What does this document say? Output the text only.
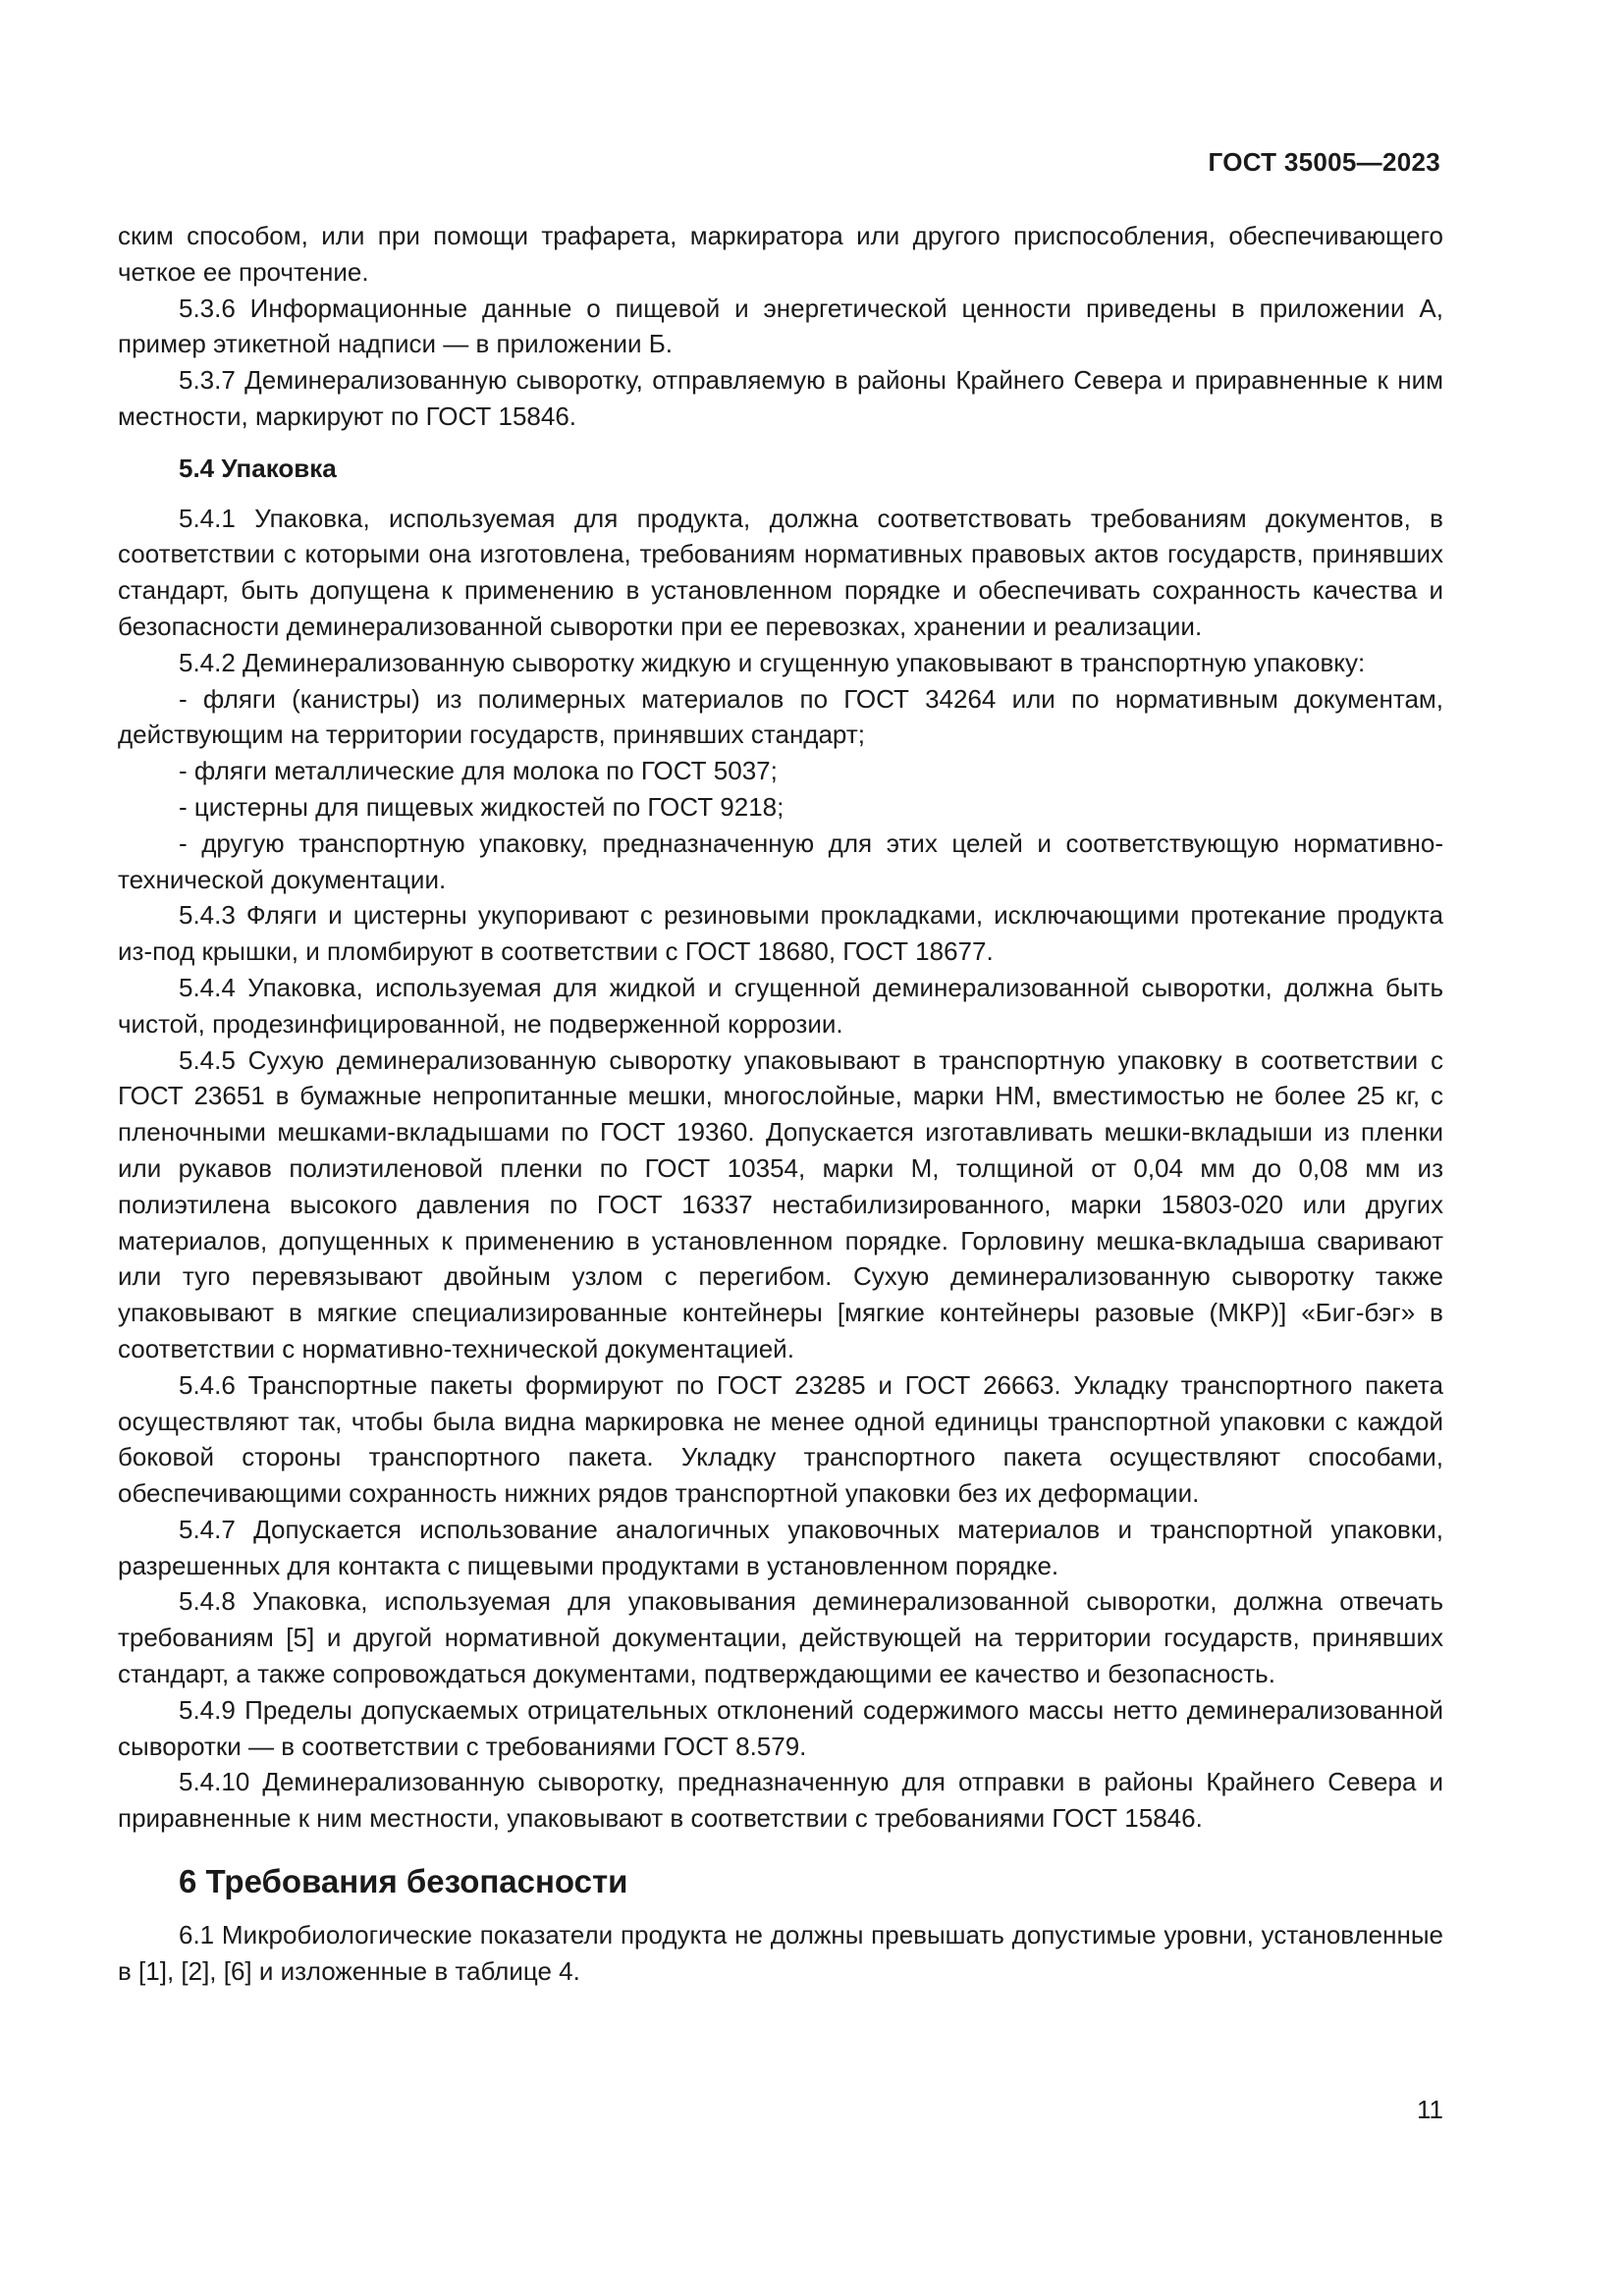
ГОСТ 35005—2023

ским способом, или при помощи трафарета, маркиратора или другого приспособления, обеспечивающего четкое ее прочтение.

5.3.6 Информационные данные о пищевой и энергетической ценности приведены в приложении А, пример этикетной надписи — в приложении Б.

5.3.7 Деминерализованную сыворотку, отправляемую в районы Крайнего Севера и приравненные к ним местности, маркируют по ГОСТ 15846.

5.4 Упаковка

5.4.1 Упаковка, используемая для продукта, должна соответствовать требованиям документов, в соответствии с которыми она изготовлена, требованиям нормативных правовых актов государств, принявших стандарт, быть допущена к применению в установленном порядке и обеспечивать сохранность качества и безопасности деминерализованной сыворотки при ее перевозках, хранении и реализации.

5.4.2 Деминерализованную сыворотку жидкую и сгущенную упаковывают в транспортную упаковку:

- фляги (канистры) из полимерных материалов по ГОСТ 34264 или по нормативным документам, действующим на территории государств, принявших стандарт;

- фляги металлические для молока по ГОСТ 5037;

- цистерны для пищевых жидкостей по ГОСТ 9218;

- другую транспортную упаковку, предназначенную для этих целей и соответствующую нормативно-технической документации.

5.4.3 Фляги и цистерны укупоривают с резиновыми прокладками, исключающими протекание продукта из-под крышки, и пломбируют в соответствии с ГОСТ 18680, ГОСТ 18677.

5.4.4 Упаковка, используемая для жидкой и сгущенной деминерализованной сыворотки, должна быть чистой, продезинфицированной, не подверженной коррозии.

5.4.5 Сухую деминерализованную сыворотку упаковывают в транспортную упаковку в соответствии с ГОСТ 23651 в бумажные непропитанные мешки, многослойные, марки НМ, вместимостью не более 25 кг, с пленочными мешками-вкладышами по ГОСТ 19360. Допускается изготавливать мешки-вкладыши из пленки или рукавов полиэтиленовой пленки по ГОСТ 10354, марки М, толщиной от 0,04 мм до 0,08 мм из полиэтилена высокого давления по ГОСТ 16337 нестабилизированного, марки 15803-020 или других материалов, допущенных к применению в установленном порядке. Горловину мешка-вкладыша сваривают или туго перевязывают двойным узлом с перегибом. Сухую деминерализованную сыворотку также упаковывают в мягкие специализированные контейнеры [мягкие контейнеры разовые (МКР)] «Биг-бэг» в соответствии с нормативно-технической документацией.

5.4.6 Транспортные пакеты формируют по ГОСТ 23285 и ГОСТ 26663. Укладку транспортного пакета осуществляют так, чтобы была видна маркировка не менее одной единицы транспортной упаковки с каждой боковой стороны транспортного пакета. Укладку транспортного пакета осуществляют способами, обеспечивающими сохранность нижних рядов транспортной упаковки без их деформации.

5.4.7 Допускается использование аналогичных упаковочных материалов и транспортной упаковки, разрешенных для контакта с пищевыми продуктами в установленном порядке.

5.4.8 Упаковка, используемая для упаковывания деминерализованной сыворотки, должна отвечать требованиям [5] и другой нормативной документации, действующей на территории государств, принявших стандарт, а также сопровождаться документами, подтверждающими ее качество и безопасность.

5.4.9 Пределы допускаемых отрицательных отклонений содержимого массы нетто деминерализованной сыворотки — в соответствии с требованиями ГОСТ 8.579.

5.4.10 Деминерализованную сыворотку, предназначенную для отправки в районы Крайнего Севера и приравненные к ним местности, упаковывают в соответствии с требованиями ГОСТ 15846.

6 Требования безопасности

6.1 Микробиологические показатели продукта не должны превышать допустимые уровни, установленные в [1], [2], [6] и изложенные в таблице 4.

11
